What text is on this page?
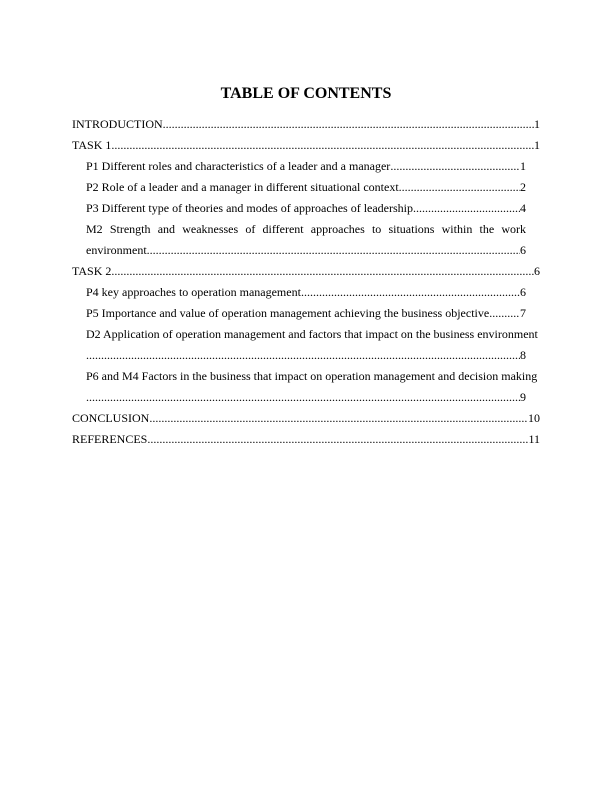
TABLE OF CONTENTS
INTRODUCTION	1
.....
TASK 1	1
.....
P1 Different roles and characteristics of a leader and a manager	1
.....
P2 Role of a leader and a manager in different situational context	2
.....
P3 Different type of theories and modes of approaches of leadership	4
.....
M2 Strength and weaknesses of different approaches to situations within the work
environment	6
.....
TASK 2	6
.....
P4 key approaches to operation management	6
.....
P5 Importance and value of operation management achieving the business objective	7
.....
D2 Application of operation management and factors that impact on the business environment
8
.....
P6 and M4 Factors in the business that impact on operation management and decision making
9
.....
CONCLUSION	10
.....
REFERENCES	11
.....
